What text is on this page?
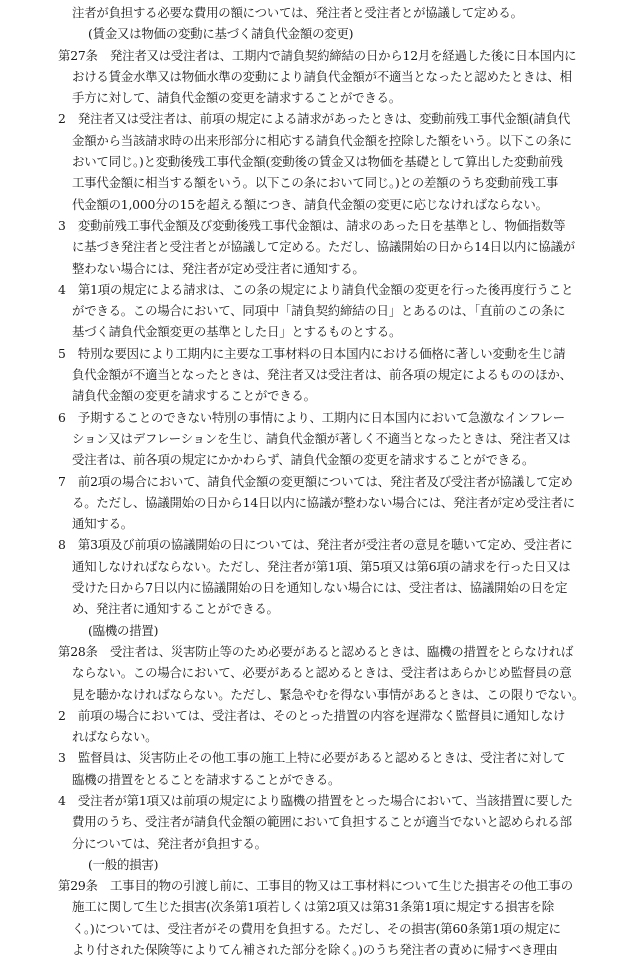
注者が負担する必要な費用の額については、発注者と受注者とが協議して定める。
(賃金又は物価の変動に基づく請負代金額の変更)
第27条　発注者又は受注者は、工期内で請負契約締結の日から12月を経過した後に日本国内に
おける賃金水準又は物価水準の変動により請負代金額が不適当となったと認めたときは、相
手方に対して、請負代金額の変更を請求することができる。
2　発注者又は受注者は、前項の規定による請求があったときは、変動前残工事代金額(請負代
金額から当該請求時の出来形部分に相応する請負代金額を控除した額をいう。以下この条に
おいて同じ。)と変動後残工事代金額(変動後の賃金又は物価を基礎として算出した変動前残
工事代金額に相当する額をいう。以下この条において同じ。)との差額のうち変動前残工事
代金額の1,000分の15を超える額につき、請負代金額の変更に応じなければならない。
3　変動前残工事代金額及び変動後残工事代金額は、請求のあった日を基準とし、物価指数等
に基づき発注者と受注者とが協議して定める。ただし、協議開始の日から14日以内に協議が
整わない場合には、発注者が定め受注者に通知する。
4　第1項の規定による請求は、この条の規定により請負代金額の変更を行った後再度行うこと
ができる。この場合において、同項中「請負契約締結の日」とあるのは、「直前のこの条に
基づく請負代金額変更の基準とした日」とするものとする。
5　特別な要因により工期内に主要な工事材料の日本国内における価格に著しい変動を生じ請
負代金額が不適当となったときは、発注者又は受注者は、前各項の規定によるもののほか、
請負代金額の変更を請求することができる。
6　予期することのできない特別の事情により、工期内に日本国内において急激なインフレー
ション又はデフレーションを生じ、請負代金額が著しく不適当となったときは、発注者又は
受注者は、前各項の規定にかかわらず、請負代金額の変更を請求することができる。
7　前2項の場合において、請負代金額の変更額については、発注者及び受注者が協議して定め
る。ただし、協議開始の日から14日以内に協議が整わない場合には、発注者が定め受注者に
通知する。
8　第3項及び前項の協議開始の日については、発注者が受注者の意見を聴いて定め、受注者に
通知しなければならない。ただし、発注者が第1項、第5項又は第6項の請求を行った日又は
受けた日から7日以内に協議開始の日を通知しない場合には、受注者は、協議開始の日を定
め、発注者に通知することができる。
(臨機の措置)
第28条　受注者は、災害防止等のため必要があると認めるときは、臨機の措置をとらなければ
ならない。この場合において、必要があると認めるときは、受注者はあらかじめ監督員の意
見を聴かなければならない。ただし、緊急やむを得ない事情があるときは、この限りでない。
2　前項の場合においては、受注者は、そのとった措置の内容を遅滞なく監督員に通知しなけ
ればならない。
3　監督員は、災害防止その他工事の施工上特に必要があると認めるときは、受注者に対して
臨機の措置をとることを請求することができる。
4　受注者が第1項又は前項の規定により臨機の措置をとった場合において、当該措置に要した
費用のうち、受注者が請負代金額の範囲において負担することが適当でないと認められる部
分については、発注者が負担する。
(一般的損害)
第29条　工事目的物の引渡し前に、工事目的物又は工事材料について生じた損害その他工事の
施工に関して生じた損害(次条第1項若しくは第2項又は第31条第1項に規定する損害を除
く。)については、受注者がその費用を負担する。ただし、その損害(第60条第1項の規定に
より付された保険等によりてん補された部分を除く。)のうち発注者の責めに帰すべき理由
